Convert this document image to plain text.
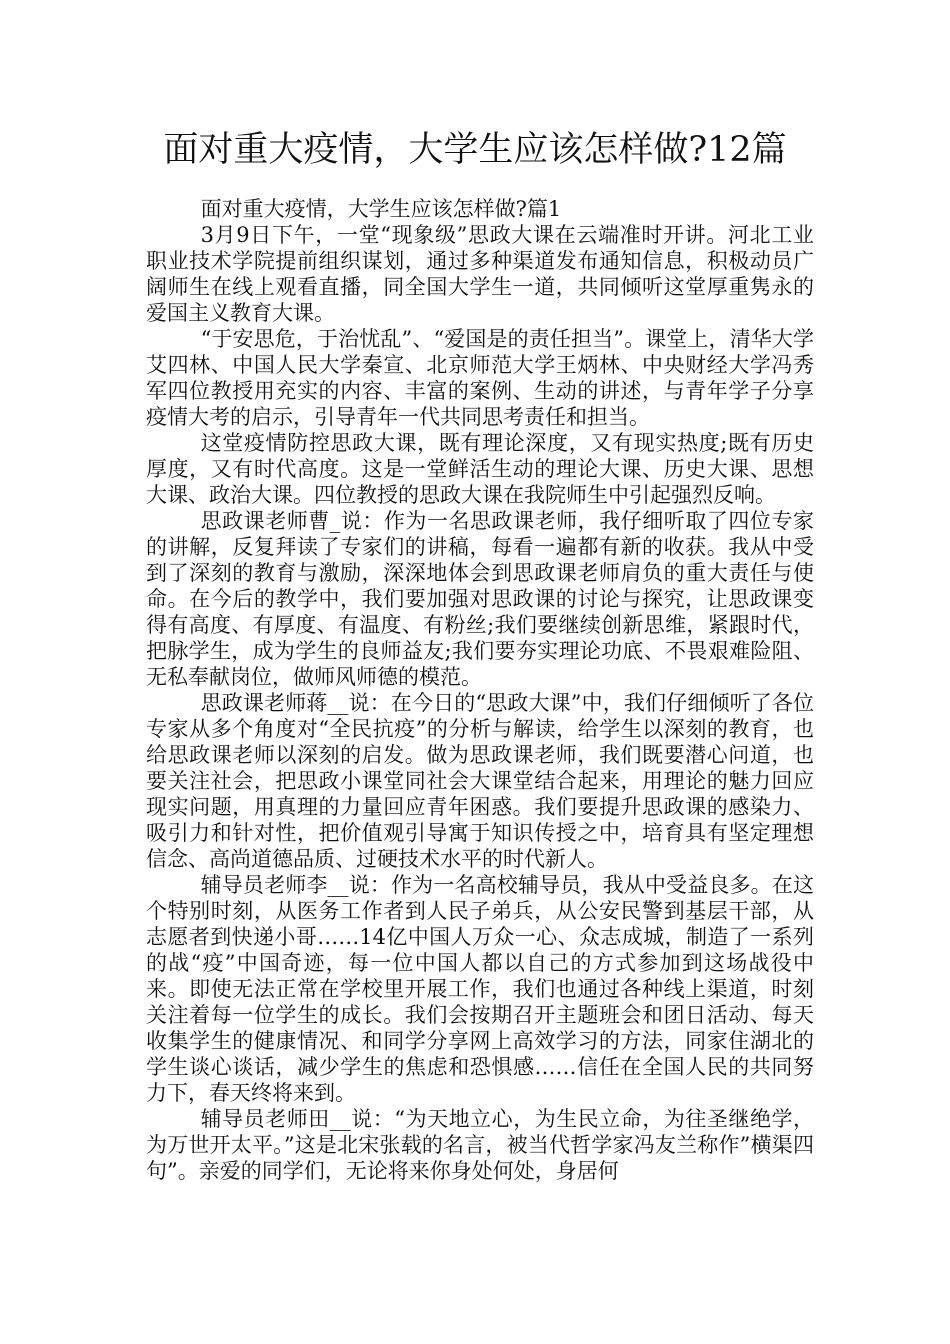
面对重大疫情，大学生应该怎样做?12篇

面对重大疫情，大学生应该怎样做?篇1

3月9日下午，一堂“现象级”思政大课在云端准时开讲。河北工业职业技术学院提前组织谋划，通过多种渠道发布通知信息，积极动员广阔师生在线上观看直播，同全国大学生一道，共同倾听这堂厚重隽永的爱国主义教育大课。

“于安思危，于治忧乱”、“爱国是的责任担当”。课堂上，清华大学艾四林、中国人民大学秦宣、北京师范大学王炳林、中央财经大学冯秀军四位教授用充实的内容、丰富的案例、生动的讲述，与青年学子分享疫情大考的启示，引导青年一代共同思考责任和担当。

这堂疫情防控思政大课，既有理论深度，又有现实热度;既有历史厚度，又有时代高度。这是一堂鲜活生动的理论大课、历史大课、思想大课、政治大课。四位教授的思政大课在我院师生中引起强烈反响。

思政课老师曹_说：作为一名思政课老师，我仔细听取了四位专家的讲解，反复拜读了专家们的讲稿，每看一遍都有新的收获。我从中受到了深刻的教育与激励，深深地体会到思政课老师肩负的重大责任与使命。在今后的教学中，我们要加强对思政课的讨论与探究，让思政课变得有高度、有厚度、有温度、有粉丝;我们要继续创新思维，紧跟时代，把脉学生，成为学生的良师益友;我们要夯实理论功底、不畏艰难险阻、无私奉献岗位，做师风师德的模范。

思政课老师蒋__说：在今日的“思政大课”中，我们仔细倾听了各位专家从多个角度对“全民抗疫”的分析与解读，给学生以深刻的教育，也给思政课老师以深刻的启发。做为思政课老师，我们既要潜心问道，也要关注社会，把思政小课堂同社会大课堂结合起来，用理论的魅力回应现实问题，用真理的力量回应青年困惑。我们要提升思政课的感染力、吸引力和针对性，把价值观引导寓于知识传授之中，培育具有坚定理想信念、高尚道德品质、过硬技术水平的时代新人。

辅导员老师李__说：作为一名高校辅导员，我从中受益良多。在这个特别时刻，从医务工作者到人民子弟兵，从公安民警到基层干部，从志愿者到快递小哥……14亿中国人万众一心、众志成城，制造了一系列的战“疫”中国奇迹，每一位中国人都以自己的方式参加到这场战役中来。即使无法正常在学校里开展工作，我们也通过各种线上渠道，时刻关注着每一位学生的成长。我们会按期召开主题班会和团日活动、每天收集学生的健康情况、和同学分享网上高效学习的方法，同家住湖北的学生谈心谈话，减少学生的焦虑和恐惧感……信任在全国人民的共同努力下，春天终将来到。

辅导员老师田__说：“为天地立心，为生民立命，为往圣继绝学，为万世开太平。”这是北宋张载的名言，被当代哲学家冯友兰称作”横渠四句”。亲爱的同学们，无论将来你身处何处，身居何
